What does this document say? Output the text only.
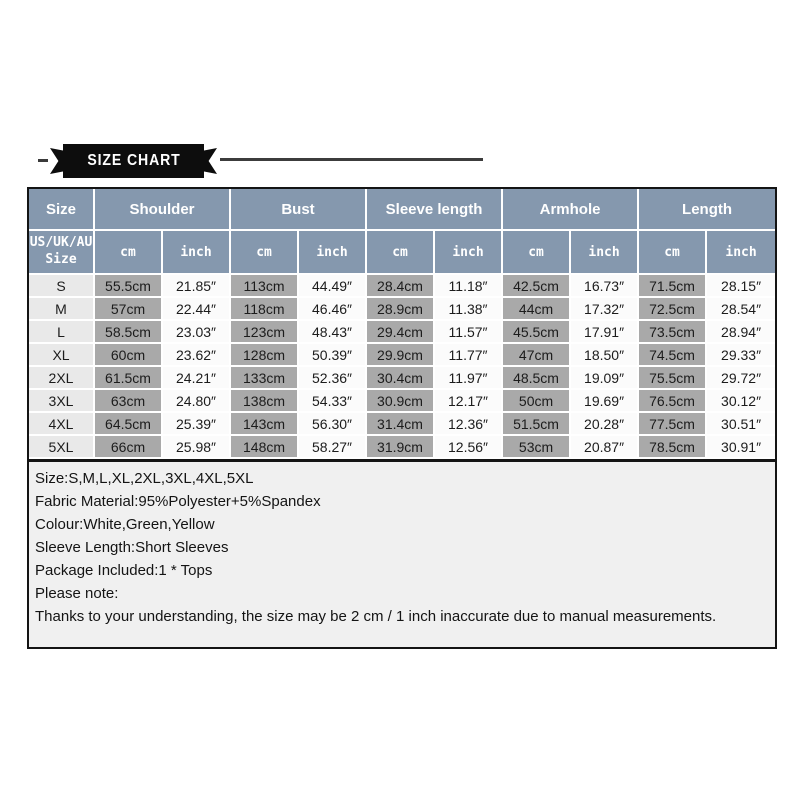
SIZE CHART
Size	Shoulder		Bust		Sleeve length		Armhole		Length	
US/UK/AU
Size	cm	inch	cm	inch	cm	inch	cm	inch	cm	inch
S	55.5cm	21.85″	113cm	44.49″	28.4cm	11.18″	42.5cm	16.73″	71.5cm	28.15″
M	57cm	22.44″	118cm	46.46″	28.9cm	11.38″	44cm	17.32″	72.5cm	28.54″
L	58.5cm	23.03″	123cm	48.43″	29.4cm	11.57″	45.5cm	17.91″	73.5cm	28.94″
XL	60cm	23.62″	128cm	50.39″	29.9cm	11.77″	47cm	18.50″	74.5cm	29.33″
2XL	61.5cm	24.21″	133cm	52.36″	30.4cm	11.97″	48.5cm	19.09″	75.5cm	29.72″
3XL	63cm	24.80″	138cm	54.33″	30.9cm	12.17″	50cm	19.69″	76.5cm	30.12″
4XL	64.5cm	25.39″	143cm	56.30″	31.4cm	12.36″	51.5cm	20.28″	77.5cm	30.51″
5XL	66cm	25.98″	148cm	58.27″	31.9cm	12.56″	53cm	20.87″	78.5cm	30.91″
Size:S,M,L,XL,2XL,3XL,4XL,5XL
Fabric Material:95%Polyester+5%Spandex
Colour:White,Green,Yellow
Sleeve Length:Short Sleeves
Package Included:1 * Tops
Please note:
Thanks to your understanding, the size may be 2 cm / 1 inch inaccurate due to manual measurements.
